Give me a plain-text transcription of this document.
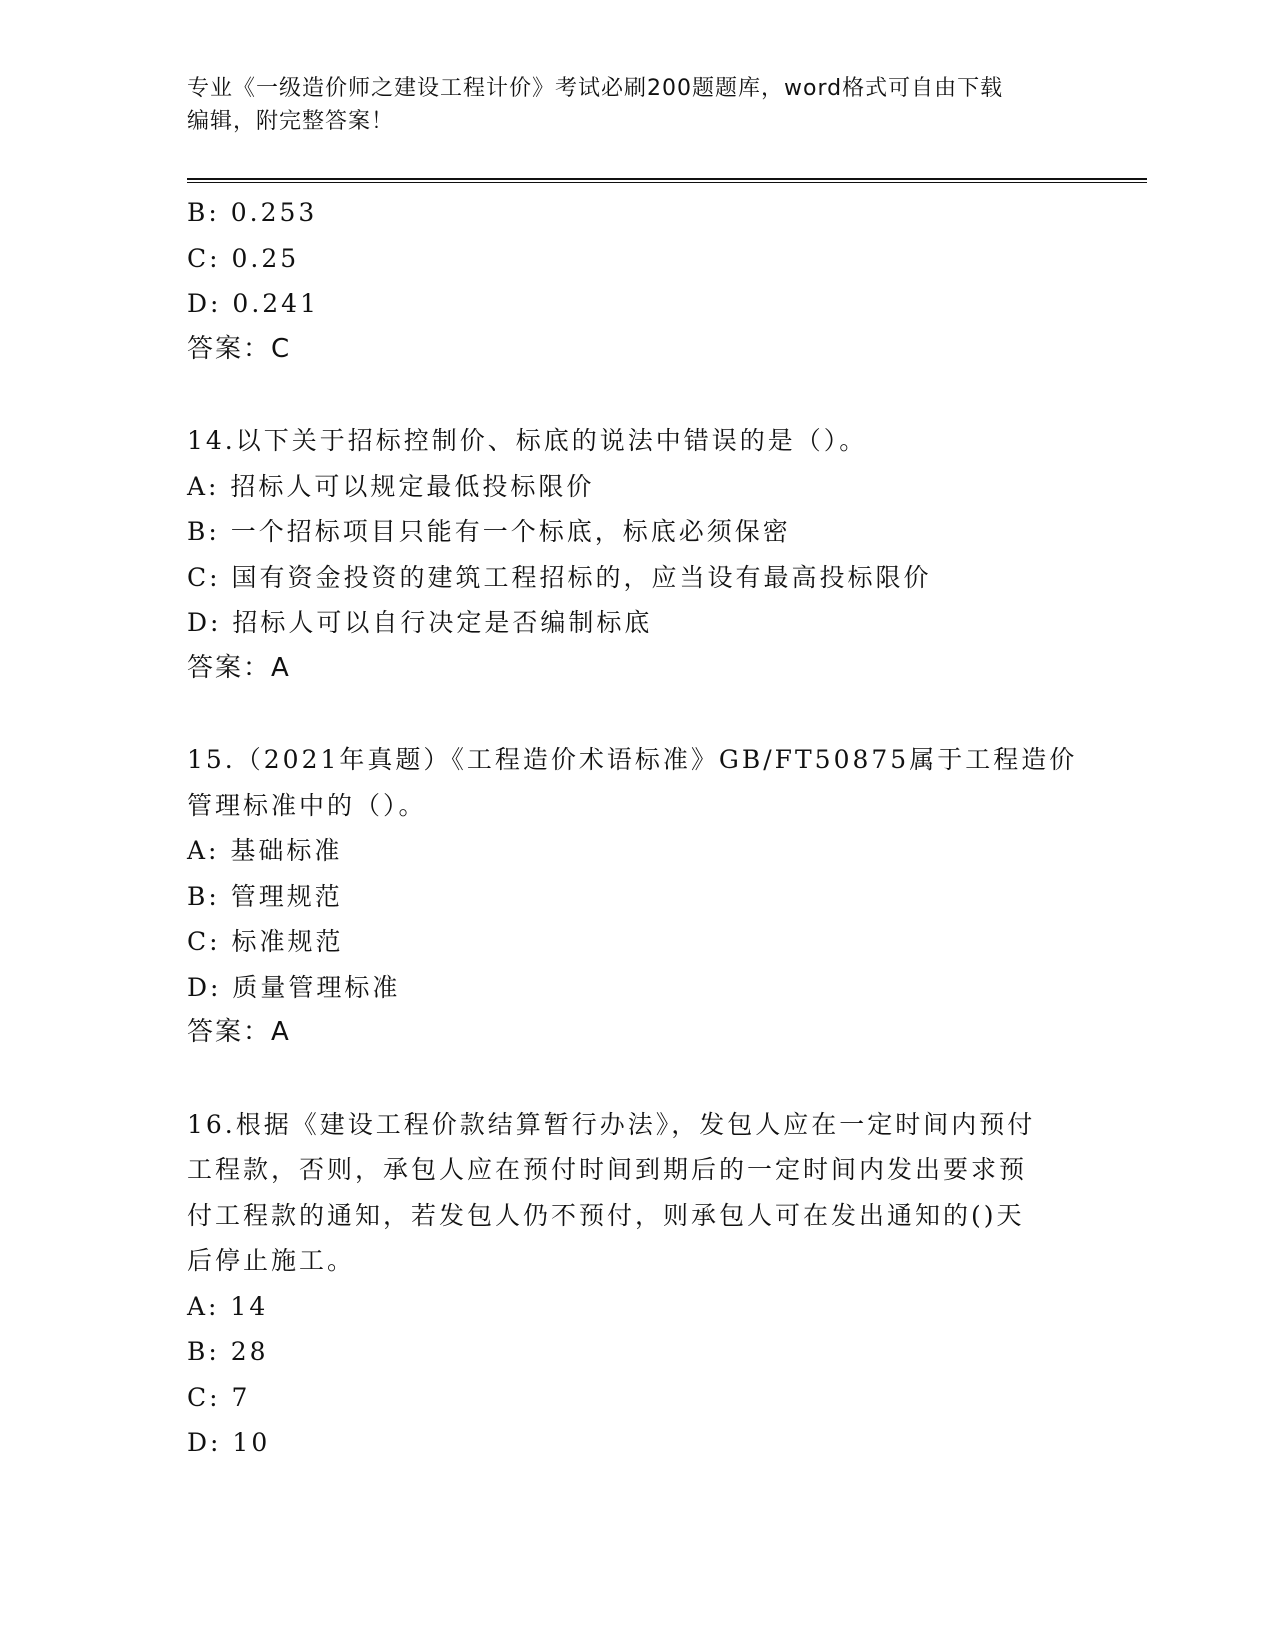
专业《一级造价师之建设工程计价》考试必刷200题题库，word格式可自由下载
编辑，附完整答案！
B: 0.253
C: 0.25
D: 0.241
答案：C
14.以下关于招标控制价、标底的说法中错误的是（）。
A: 招标人可以规定最低投标限价
B: 一个招标项目只能有一个标底，标底必须保密
C: 国有资金投资的建筑工程招标的，应当设有最高投标限价
D: 招标人可以自行决定是否编制标底
答案：A
15.（2021年真题）《工程造价术语标准》GB/FT50875属于工程造价
管理标准中的（）。
A: 基础标准
B: 管理规范
C: 标准规范
D: 质量管理标准
答案：A
16.根据《建设工程价款结算暂行办法》，发包人应在一定时间内预付
工程款，否则，承包人应在预付时间到期后的一定时间内发出要求预
付工程款的通知，若发包人仍不预付，则承包人可在发出通知的()天
后停止施工。
A: 14
B: 28
C: 7
D: 10
